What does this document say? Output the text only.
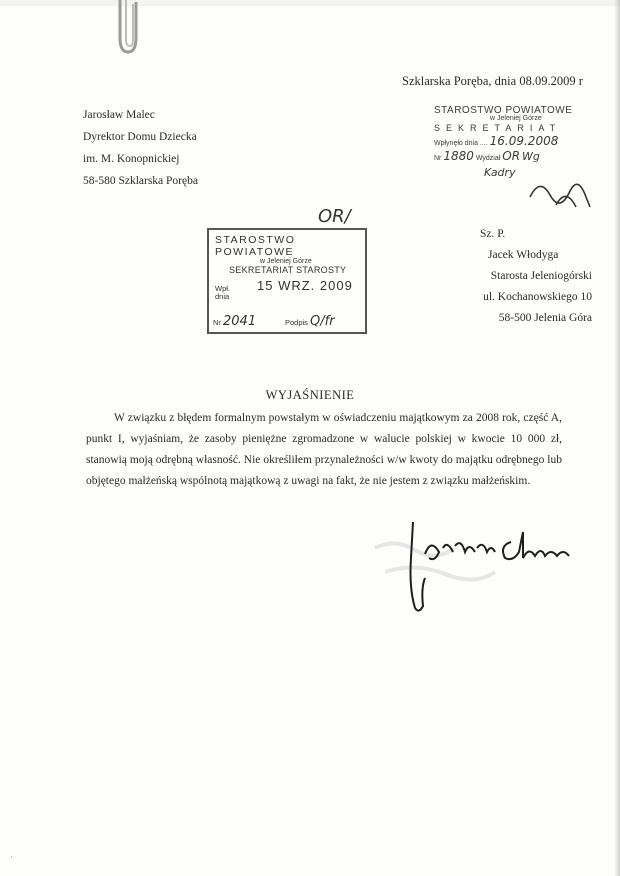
Szklarska Poręba, dnia 08.09.2009 r
Jarosław Malec
Dyrektor Domu Dziecka
im. M. Konopnickiej
58-580 Szklarska Poręba
STAROSTWO POWIATOWE
w Jeleniej Górze
SEKRETARIAT
Wpłynęło dnia .... 16.09.2008
Nr 1880 Wydział OR Wg
Kadry
STAROSTWO POWIATOWE
w Jeleniej Górze
SEKRETARIAT STAROSTY
Wpł.
dnia
15 WRZ. 2009
Nr 2041	Podpis Q/fr
OR/
Sz. P.
Jacek Włodyga
Starosta Jeleniogórski
ul. Kochanowskiego 10
58-500 Jelenia Góra
WYJAŚNIENIE
W związku z błędem formalnym powstałym w oświadczeniu majątkowym za 2008 rok, część A, punkt I, wyjaśniam, że zasoby pieniężne zgromadzone w walucie polskiej w kwocie 10 000 zł, stanowią moją odrębną własność. Nie określiłem przynależności w/w kwoty do majątku odrębnego lub objętego małżeńską wspólnotą majątkową z uwagi na fakt, że nie jestem z związku małżeńskim.
·
